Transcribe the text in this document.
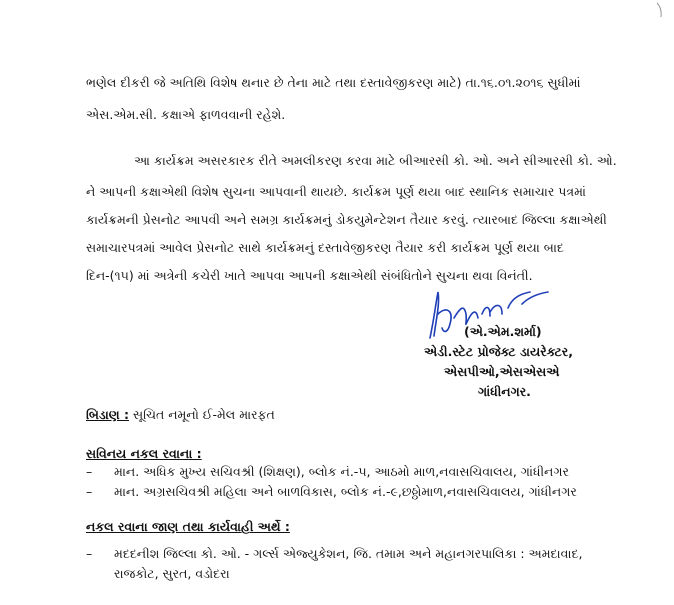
ભણેલ દીકરી જે અતિથિ વિશેષ થનાર છે તેના માટે તથા દસ્તાવેજીકરણ માટે) તા.૧૬.૦૧.૨૦૧૬ સુધીમાં
એસ.એમ.સી. કક્ષાએ ફાળવવાની રહેશે.
આ કાર્યક્રમ અસરકારક રીતે અમલીકરણ કરવા માટે બીઆરસી કો. ઓ. અને સીઆરસી કો. ઓ.
ને આપની કક્ષાએથી વિશેષ સુચના આપવાની થાયછે. કાર્યક્રમ પૂર્ણ થયા બાદ સ્થાનિક સમાચાર પત્રમાં
કાર્યક્રમની પ્રેસનોટ આપવી અને સમગ્ર કાર્યક્રમનું ડોકયુમેન્ટેશન તૈયાર કરવું. ત્યારબાદ જિલ્લા કક્ષાએથી
સમાચારપત્રમાં આવેલ પ્રેસનોટ સાથે કાર્યક્રમનું દસ્તાવેજીકરણ તૈયાર કરી કાર્યક્રમ પૂર્ણ થયા બાદ
દિન-(૧૫) માં અત્રેની કચેરી ખાતે આપવા આપની કક્ષાએથી સંબંધિતોને સુચના થવા વિનંતી.
(એ.એમ.શર્મા)
એડી.સ્ટેટ પ્રોજેક્ટ ડાયરેક્ટર,
એસપીઓ,એસએસએ
ગાંધીનગર.
બિડાણ : સૂચિત નમૂનો ઈ-મેલ મારફત
સવિનય નકલ રવાના :
– માન. અધિક મુખ્ય સચિવશ્રી (શિક્ષણ), બ્લોક નં.-૫, આઠમો માળ,નવાસચિવાલય, ગાંધીનગર
– માન. અગ્રસચિવશ્રી મહિલા અને બાળવિકાસ, બ્લોક નં.-૯,છઠ્ઠોમાળ,નવાસચિવાલય, ગાંધીનગર
નકલ રવાના જાણ તથા કાર્યવાહી અર્થે :
– મદદનીશ જિલ્લા કો. ઓ. - ગર્લ્સ એજ્યુકેશન, જિ. તમામ અને મહાનગરપાલિકા : અમદાવાદ,
રાજકોટ, સુરત, વડોદરા
